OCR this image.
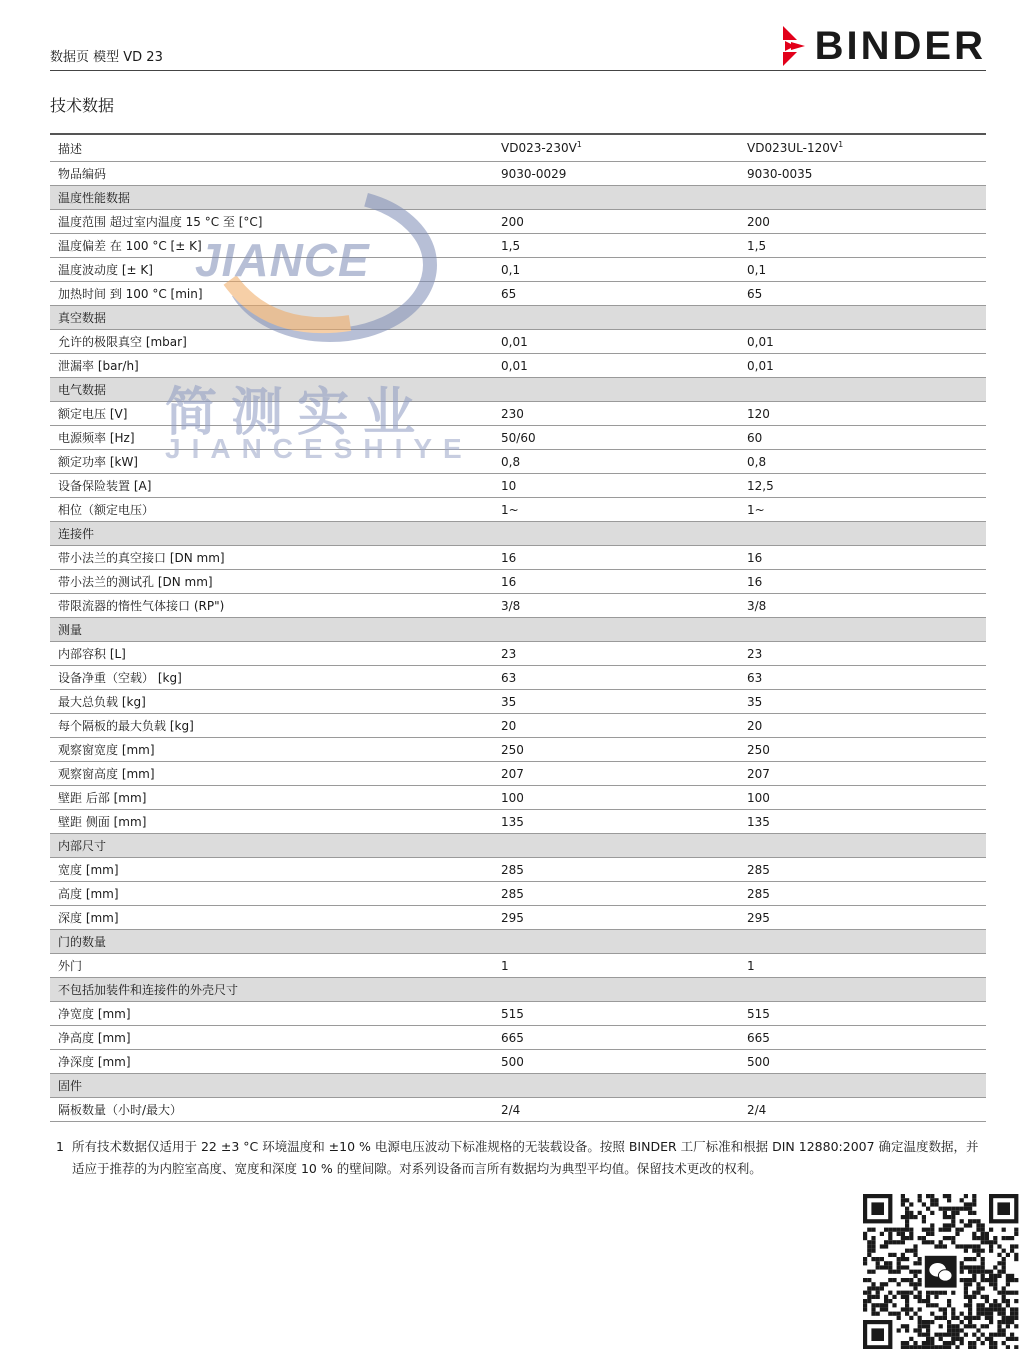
数据页 模型 VD 23	BINDER
技术数据
描述	$VD023-230V^1$	$VD023UL-120V^1$
物品编码	9030-0029	9030-0035
温度性能数据		
温度范围 超过室内温度 15 °C 至 [°C]	200	200
温度偏差 在 100 °C [± K]	1,5	1,5
温度波动度 [± K]	0,1	0,1
加热时间 到 100 °C [min]	65	65
真空数据		
允许的极限真空 [mbar]	0,01	0,01
泄漏率 [bar/h]	0,01	0,01
电气数据		
额定电压 [V]	230	120
电源频率 [Hz]	50/60	60
额定功率 [kW]	0,8	0,8
设备保险装置 [A]	10	12,5
相位（额定电压）	1~	1~
连接件		
带小法兰的真空接口 [DN mm]	16	16
带小法兰的测试孔 [DN mm]	16	16
带限流器的惰性气体接口 (RP")	3/8	3/8
测量		
内部容积 [L]	23	23
设备净重（空载） [kg]	63	63
最大总负载 [kg]	35	35
每个隔板的最大负载 [kg]	20	20
观察窗宽度 [mm]	250	250
观察窗高度 [mm]	207	207
壁距 后部 [mm]	100	100
壁距 侧面 [mm]	135	135
内部尺寸		
宽度 [mm]	285	285
高度 [mm]	285	285
深度 [mm]	295	295
门的数量		
外门	1	1
不包括加装件和连接件的外壳尺寸		
净宽度 [mm]	515	515
净高度 [mm]	665	665
净深度 [mm]	500	500
固件		
隔板数量（小时/最大）	2/4	2/4
1 所有技术数据仅适用于 22 ±3 °C 环境温度和 ±10 % 电源电压波动下标准规格的无装载设备。按照 BINDER 工厂标准和根据 DIN 12880:2007 确定温度数据，并适应于推荐的为内腔室高度、宽度和深度 10 % 的壁间隙。对系列设备而言所有数据均为典型平均值。保留技术更改的权利。
JIANCE
简测实业
JIANCESHIYE
